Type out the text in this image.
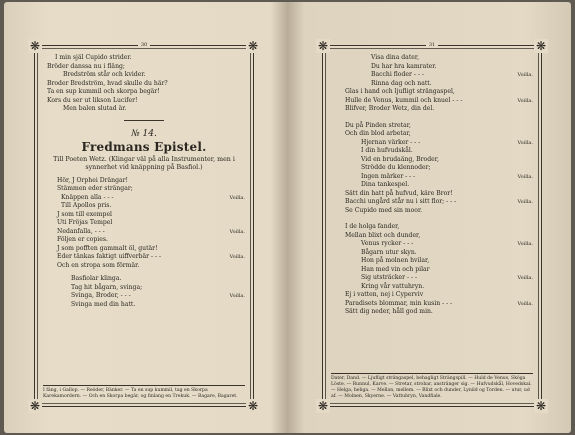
❋	❋
❋	❋
30
I min själ Cupido strider.
Bröder danssa nu i fläng;
Bredström står och kvider.
Broder Bredström, hvad skulle du här?
Ta en sup kummil och skorpa begär!
Kors du ser ut likson Lucifer!
Men balen slutad är.
№ 14.
Fredmans Epistel.
Till Poeten Wetz. (Klingar väl på alla Instrumenter, men i synnerhet vid knäppning på Basfiol.)
Hör, J Orphei Drängar!
Stämmen eder strängar;
Knäppen alla - - -	Voilla.
Till Apollos pris.
J som till exempel
Uti Fröjas Tempel
Nedanfalla, - - -	Voilla.
Följen er copies.
J som pofften gammalt öl, gutär!
Eder tänkas faktigt uiffverbär - - -	Voilla.
Och en stropa som förmär.
Basfiolar klinga.
Tag hit bågarn, svinga;
Svinga, Broder, - - -	Voilla.
Svinga med din hatt.
I fäng, i Gallop. — Reöder, Bänker. — Ta en sup kummil, tag en Skorpa Karekamordern. — Och en Skorpa begär, og finlang en Trekuk. — Bagare, Bagaret.
❋	❋
❋	❋
31
Visa dina dater,
Du har hra kamrater.
Bacchi floder - - -	Voilla.
Rinna dag och natt.
Glas i hand och ljufligt strängaspel,
Hulle de Venus, kummil och knuel - - -	Voilla.
Blifver, Broder Wetz, din del.
Du på Pinden stretar,
Och din blod arbetar,
Hjernan värker - - -	Voilla.
I din hufvudskål.
Vid en brudaäng, Broder,
Strödde du klennoder;
Ingen märker - - -	Voilla.
Dina tankespel.
Sätt din hatt på hufvud, käre Bror!
Bacchi ungård står nu i sitt flor; - - -	Voilla.
Se Cupido med sin moor.
I de holga fander,
Mellan blixt och dunder,
Venus rycker - - -	Voilla.
Bågarn utur skyn.
Hon på molnen hvilar,
Han med vin och pilar
Sig utsträcker - - -	Voilla.
Kring vår vattuhryn.
Ej i vatten, nej i Cyperviv
Paradisets blommar, min kusin - - -	Voilla.
Sätt dig neder, håll god min.
Dater, Dand. — Ljufligt strängaspel, behagligt Strängspill. — Huld de Venus, Sköga Löste. — Runnul, Karve. — Stretar, strobar, anstränger sig. — Hufvudskål, Hovedskal. — Helga, heliga. — Mellan, mellem. — Blixt och dunder, Lynild og Torden. — utur, ud af. — Molnen, Skyerne. — Vattubryn, Vandfiale.
